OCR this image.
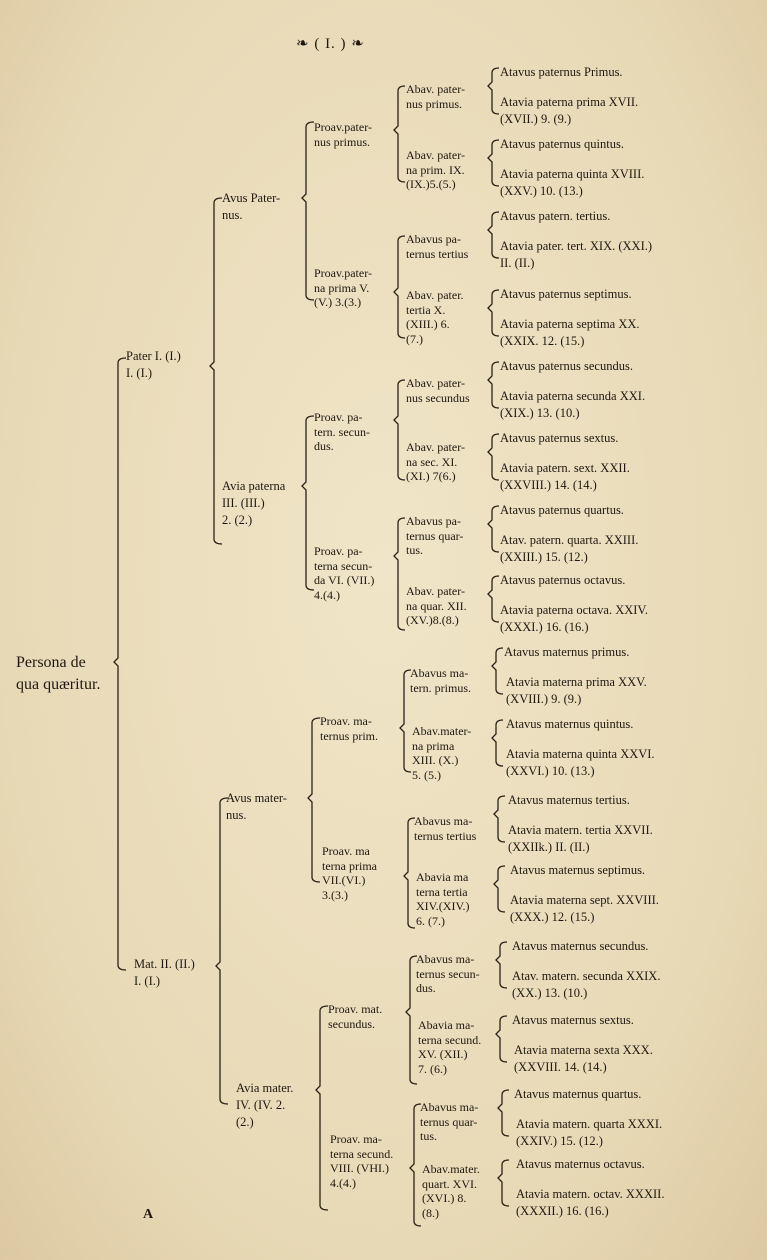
❧ ( I. ) ❧
Persona de
qua quæritur.
A
Pater I. (I.)
I. (I.)
Mat. II. (II.)
I. (I.)
Avus Pater-
nus.
Avia paterna
III. (III.)
2. (2.)
Avus mater-
nus.
Avia mater.
IV. (IV. 2.
(2.)
Proav.pater-
nus primus.
Proav.pater-
na prima V.
(V.) 3.(3.)
Proav. pa-
tern. secun-
dus.
Proav. pa-
terna secun-
da VI. (VII.)
4.(4.)
Proav. ma-
ternus prim.
Proav. ma
terna prima
VII.(VI.)
3.(3.)
Proav. mat.
secundus.
Proav. ma-
terna secund.
VIII. (VHI.)
4.(4.)
Abav. pater-
nus primus.
Abav. pater-
na prim. IX.
(IX.)5.(5.)
Abavus pa-
ternus tertius
Abav. pater.
tertia X.
(XIII.) 6.
(7.)
Abav. pater-
nus secundus
Abav. pater-
na sec. XI.
(XI.) 7(6.)
Abavus pa-
ternus quar-
tus.
Abav. pater-
na quar. XII.
(XV.)8.(8.)
Abavus ma-
tern. primus.
Abav.mater-
na prima
XIII. (X.)
5. (5.)
Abavus ma-
ternus tertius
Abavia ma
terna tertia
XIV.(XIV.)
6. (7.)
Abavus ma-
ternus secun-
dus.
Abavia ma-
terna secund.
XV. (XII.)
7. (6.)
Abavus ma-
ternus quar-
tus.
Abav.mater.
quart. XVI.
(XVI.) 8.
(8.)
Atavus paternus Primus.
Atavia paterna prima XVII.
(XVII.) 9. (9.)
Atavus paternus quintus.
Atavia paterna quinta XVIII.
(XXV.) 10. (13.)
Atavus patern. tertius.
Atavia pater. tert. XIX. (XXI.)
II. (II.)
Atavus paternus septimus.
Atavia paterna septima XX.
(XXIX. 12. (15.)
Atavus paternus secundus.
Atavia paterna secunda XXI.
(XIX.) 13. (10.)
Atavus paternus sextus.
Atavia patern. sext. XXII.
(XXVIII.) 14. (14.)
Atavus paternus quartus.
Atav. patern. quarta. XXIII.
(XXIII.) 15. (12.)
Atavus paternus octavus.
Atavia paterna octava. XXIV.
(XXXI.) 16. (16.)
Atavus maternus primus.
Atavia materna prima XXV.
(XVIII.) 9. (9.)
Atavus maternus quintus.
Atavia materna quinta XXVI.
(XXVI.) 10. (13.)
Atavus maternus tertius.
Atavia matern. tertia XXVII.
(XXIIk.) II. (II.)
Atavus maternus septimus.
Atavia materna sept. XXVIII.
(XXX.) 12. (15.)
Atavus maternus secundus.
Atav. matern. secunda XXIX.
(XX.) 13. (10.)
Atavus maternus sextus.
Atavia materna sexta XXX.
(XXVIII. 14. (14.)
Atavus maternus quartus.
Atavia matern. quarta XXXI.
(XXIV.) 15. (12.)
Atavus maternus octavus.
Atavia matern. octav. XXXII.
(XXXII.) 16. (16.)
